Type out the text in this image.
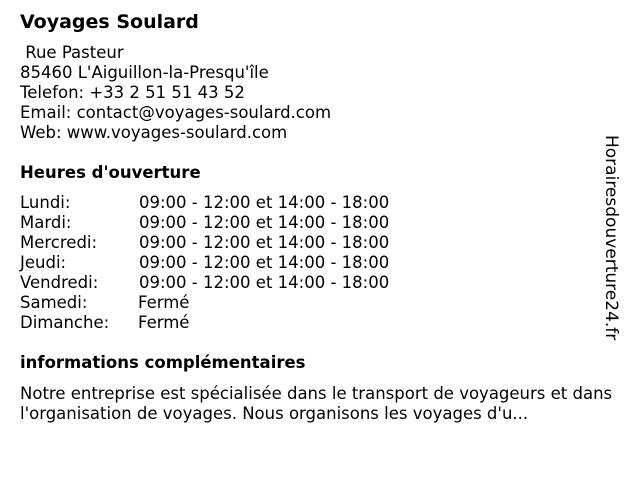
Voyages Soulard
Rue Pasteur
85460 L'Aiguillon-la-Presqu'île
Telefon: +33 2 51 51 43 52
Email: contact@voyages-soulard.com
Web: www.voyages-soulard.com
Heures d'ouverture
Lundi:	09:00 - 12:00 et 14:00 - 18:00
Mardi:	09:00 - 12:00 et 14:00 - 18:00
Mercredi:	09:00 - 12:00 et 14:00 - 18:00
Jeudi:	09:00 - 12:00 et 14:00 - 18:00
Vendredi: 09:00 - 12:00 et 14:00 - 18:00
Samedi:	Fermé
Dimanche: Fermé
informations complémentaires
Notre entreprise est spécialisée dans le transport de voyageurs et dans l'organisation de voyages. Nous organisons les voyages d'u...
Horairesdouverture24.fr
